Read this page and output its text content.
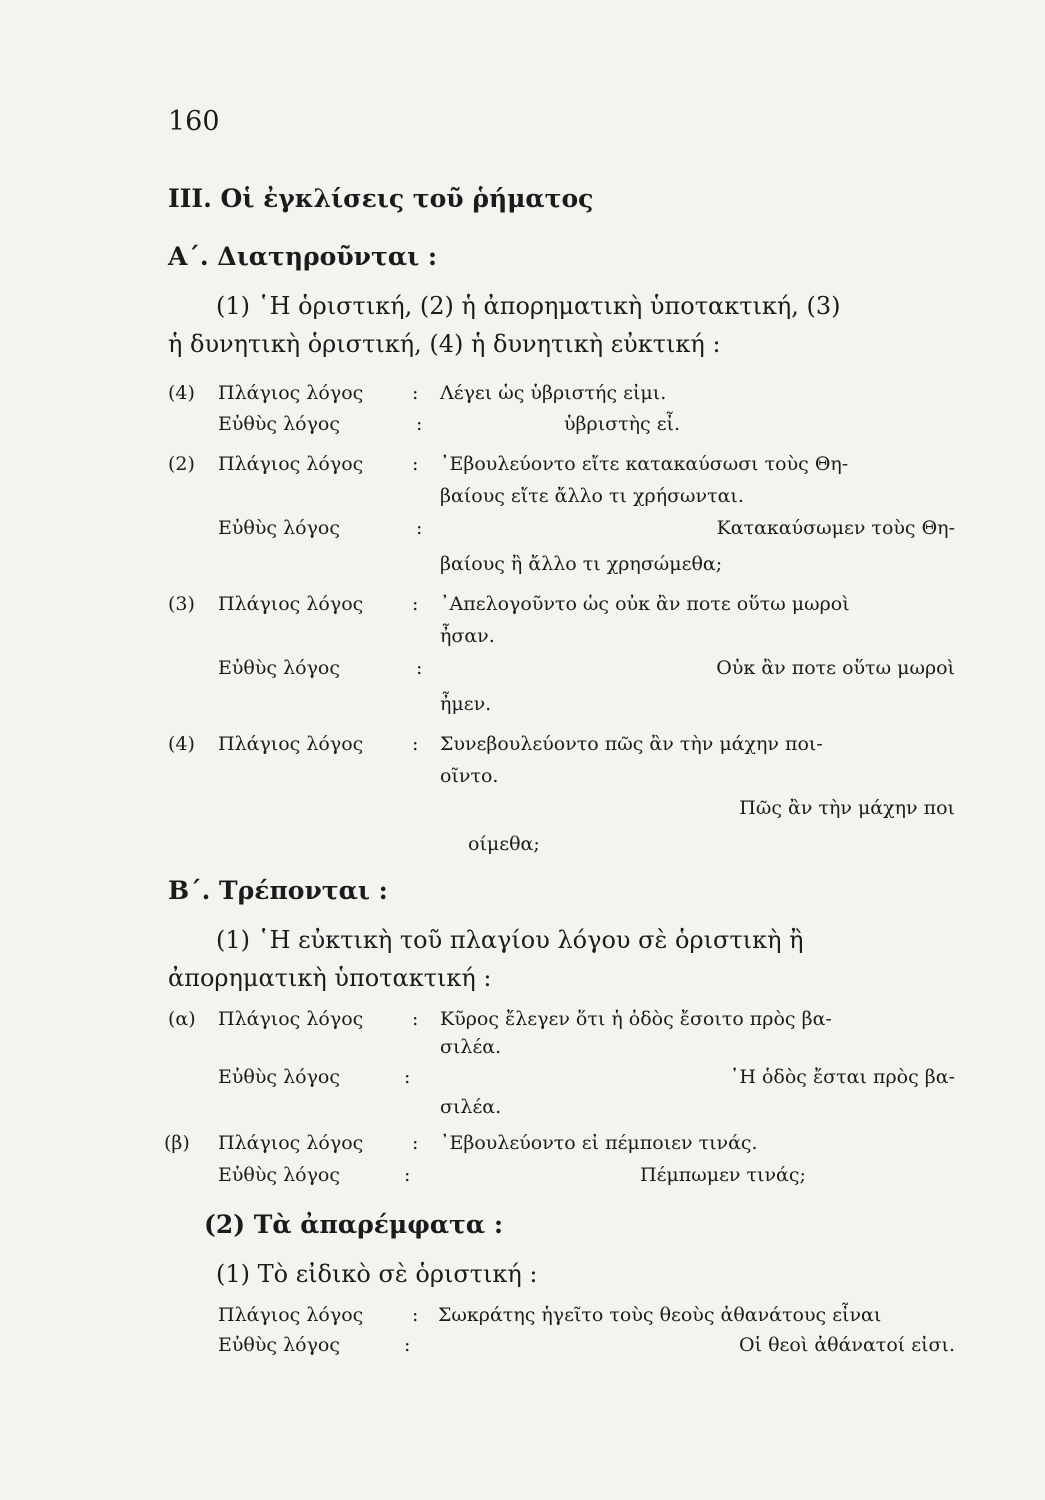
160
III. Οἱ ἐγκλίσεις τοῦ ῥήματος
Α΄. Διατηροῦνται :
(1) ῾Η ὁριστική, (2) ἡ ἀπορηματικὴ ὑποτακτική, (3)
ἡ δυνητικὴ ὁριστική, (4) ἡ δυνητικὴ εὐκτική :
(4) Πλάγιος λόγος	: Λέγει ὡς ὑβριστής εἰμι.
Εὐθὺς λόγος	:	ὑβριστὴς εἶ.
(2) Πλάγιος λόγος	: ᾿Εβουλεύοντο εἴτε κατακαύσωσι τοὺς Θη-
βαίους εἴτε ἄλλο τι χρήσωνται.
Εὐθὺς λόγος	:	Κατακαύσωμεν τοὺς Θη-
βαίους ἢ ἄλλο τι χρησώμεθα;
(3) Πλάγιος λόγος	: ᾿Απελογοῦντο ὡς οὐκ ἂν ποτε οὕτω μωροὶ
ἦσαν.
Εὐθὺς λόγος	:	Οὐκ ἂν ποτε οὕτω μωροὶ
ἦμεν.
(4) Πλάγιος λόγος	: Συνεβουλεύοντο πῶς ἂν τὴν μάχην ποι-
οῖντο.
Πῶς ἂν τὴν μάχην ποι
οίμεθα;
Β΄. Τρέπονται :
(1) ῾Η εὐκτικὴ τοῦ πλαγίου λόγου σὲ ὁριστικὴ ἢ
ἀπορηματικὴ ὑποτακτική :
(α) Πλάγιος λόγος	: Κῦρος ἔλεγεν ὅτι ἡ ὁδὸς ἔσοιτο πρὸς βα-
σιλέα.
Εὐθὺς λόγος	:	῾Η ὁδὸς ἔσται πρὸς βα-
σιλέα.
(β) Πλάγιος λόγος	: ᾿Εβουλεύοντο εἰ πέμποιεν τινάς.
Εὐθὺς λόγος	:	Πέμπωμεν τινάς;
(2) Τὰ ἀπαρέμφατα :
(1) Τὸ εἰδικὸ σὲ ὁριστική :
Πλάγιος λόγος	: Σωκράτης ἡγεῖτο τοὺς θεοὺς ἀθανάτους εἶναι
Εὐθὺς λόγος	:	Οἱ θεοὶ ἀθάνατοί εἰσι.
